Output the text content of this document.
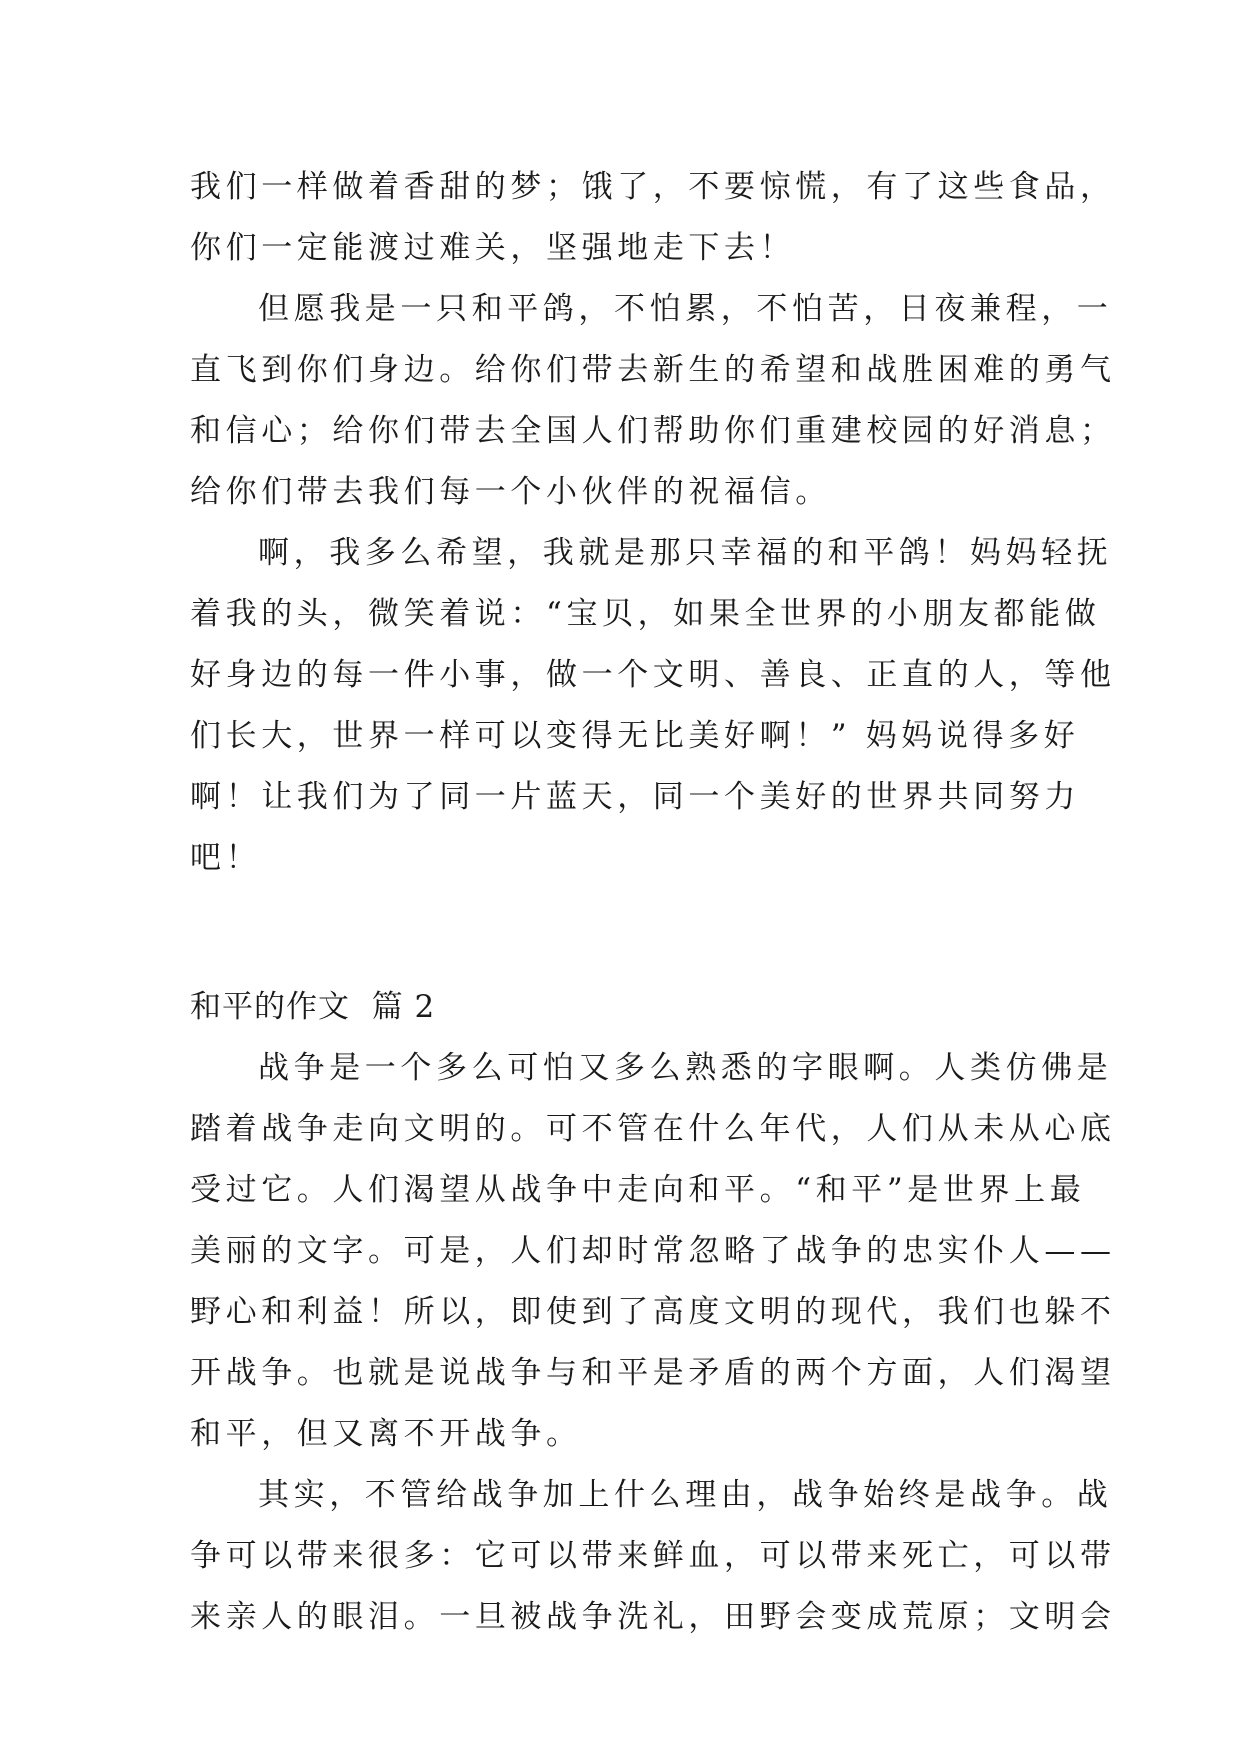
我们一样做着香甜的梦；饿了，不要惊慌，有了这些食品，
你们一定能渡过难关，坚强地走下去！
但愿我是一只和平鸽，不怕累，不怕苦，日夜兼程，一
直飞到你们身边。给你们带去新生的希望和战胜困难的勇气
和信心；给你们带去全国人们帮助你们重建校园的好消息；
给你们带去我们每一个小伙伴的祝福信。
啊，我多么希望，我就是那只幸福的和平鸽！妈妈轻抚
着我的头，微笑着说：“宝贝，如果全世界的小朋友都能做
好身边的每一件小事，做一个文明、善良、正直的人，等他
们长大，世界一样可以变得无比美好啊！” 妈妈说得多好
啊！让我们为了同一片蓝天，同一个美好的世界共同努力
吧！
和平的作文  篇 2
战争是一个多么可怕又多么熟悉的字眼啊。人类仿佛是
踏着战争走向文明的。可不管在什么年代，人们从未从心底
受过它。人们渴望从战争中走向和平。“和平”是世界上最
美丽的文字。可是，人们却时常忽略了战争的忠实仆人——
野心和利益！所以，即使到了高度文明的现代，我们也躲不
开战争。也就是说战争与和平是矛盾的两个方面，人们渴望
和平，但又离不开战争。
其实，不管给战争加上什么理由，战争始终是战争。战
争可以带来很多：它可以带来鲜血，可以带来死亡，可以带
来亲人的眼泪。一旦被战争洗礼，田野会变成荒原；文明会
